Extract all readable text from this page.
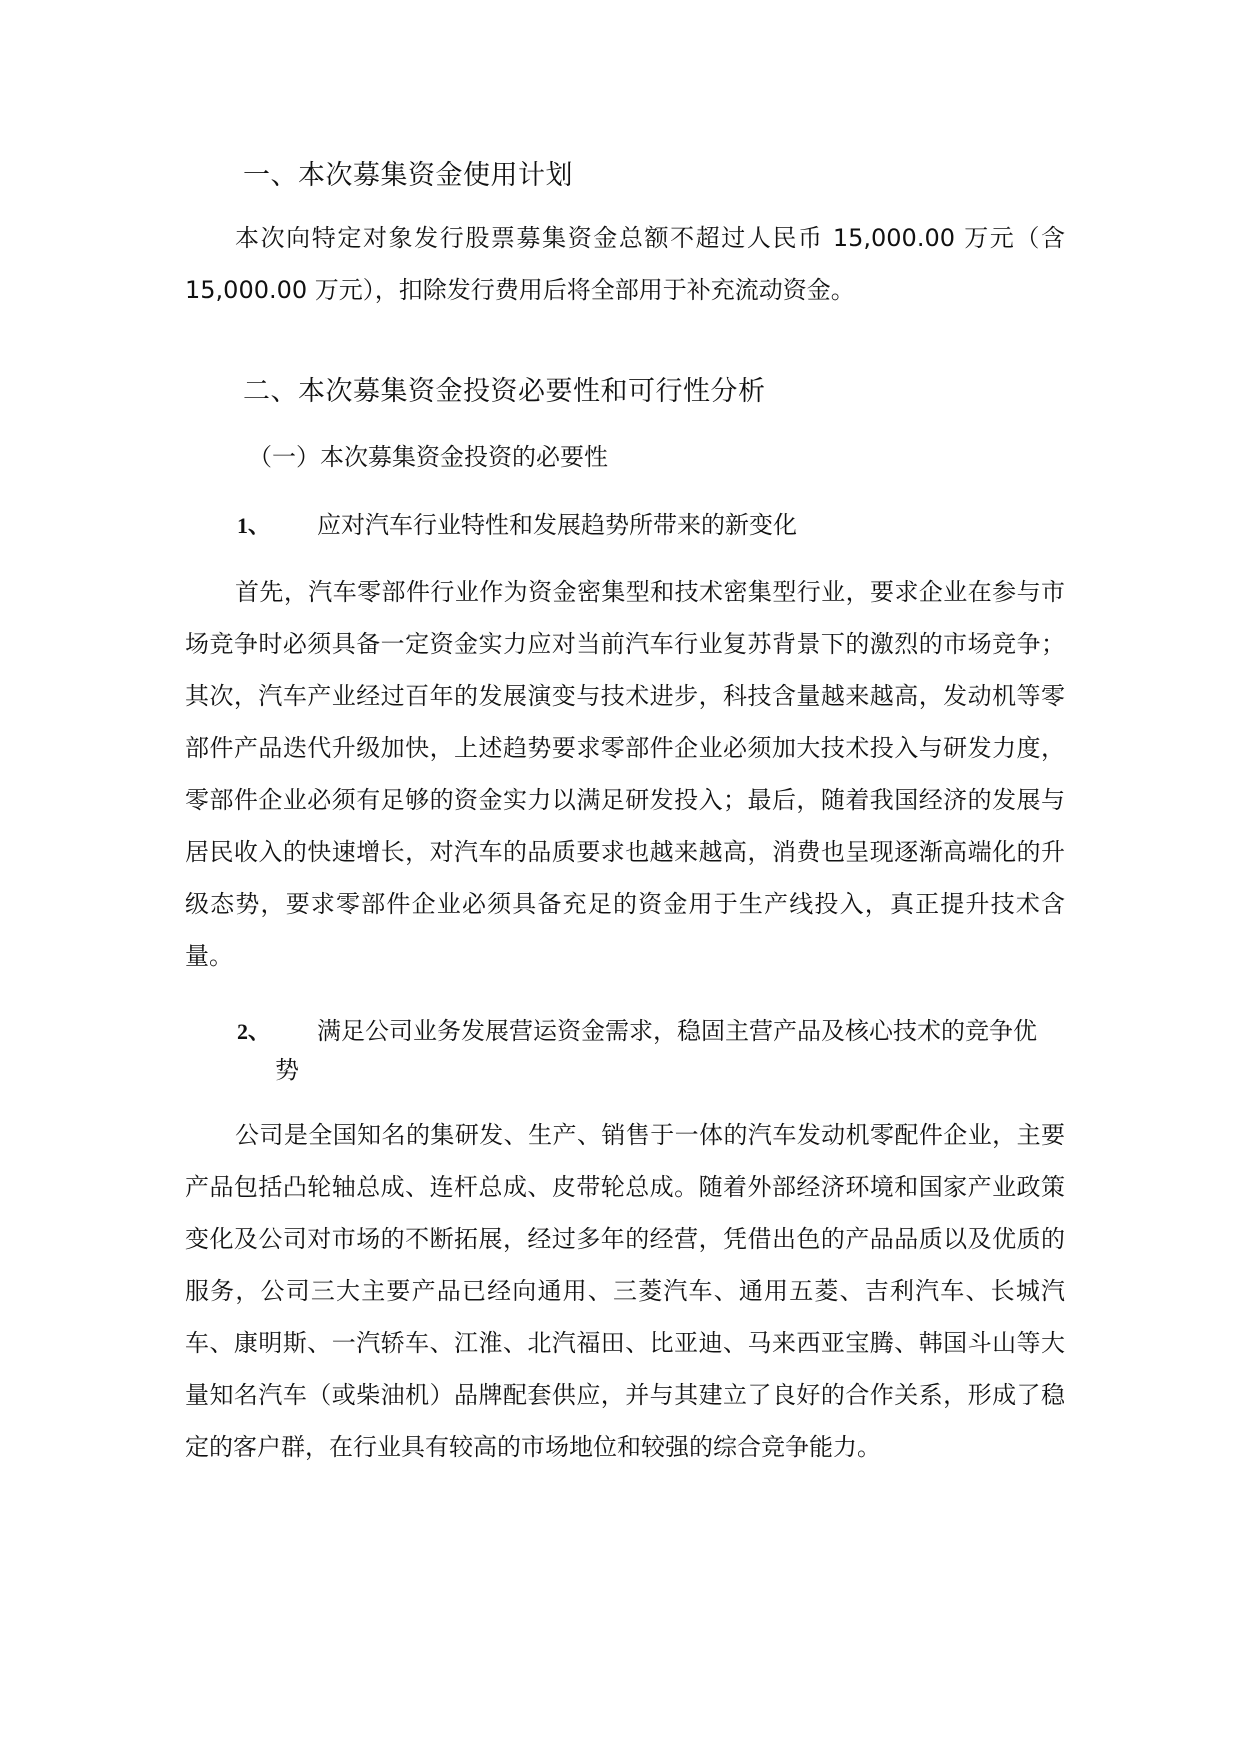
一、本次募集资金使用计划

本次向特定对象发行股票募集资金总额不超过人民币 15,000.00 万元（含 15,000.00 万元），扣除发行费用后将全部用于补充流动资金。

二、本次募集资金投资必要性和可行性分析
（一）本次募集资金投资的必要性
1、 应对汽车行业特性和发展趋势所带来的新变化

首先，汽车零部件行业作为资金密集型和技术密集型行业，要求企业在参与市场竞争时必须具备一定资金实力应对当前汽车行业复苏背景下的激烈的市场竞争；其次，汽车产业经过百年的发展演变与技术进步，科技含量越来越高，发动机等零部件产品迭代升级加快，上述趋势要求零部件企业必须加大技术投入与研发力度，零部件企业必须有足够的资金实力以满足研发投入；最后，随着我国经济的发展与居民收入的快速增长，对汽车的品质要求也越来越高，消费也呈现逐渐高端化的升级态势，要求零部件企业必须具备充足的资金用于生产线投入，真正提升技术含量。

2、 满足公司业务发展营运资金需求，稳固主营产品及核心技术的竞争优
势

公司是全国知名的集研发、生产、销售于一体的汽车发动机零配件企业，主要产品包括凸轮轴总成、连杆总成、皮带轮总成。随着外部经济环境和国家产业政策变化及公司对市场的不断拓展，经过多年的经营，凭借出色的产品品质以及优质的服务，公司三大主要产品已经向通用、三菱汽车、通用五菱、吉利汽车、长城汽车、康明斯、一汽轿车、江淮、北汽福田、比亚迪、马来西亚宝腾、韩国斗山等大量知名汽车（或柴油机）品牌配套供应，并与其建立了良好的合作关系，形成了稳定的客户群，在行业具有较高的市场地位和较强的综合竞争能力。
